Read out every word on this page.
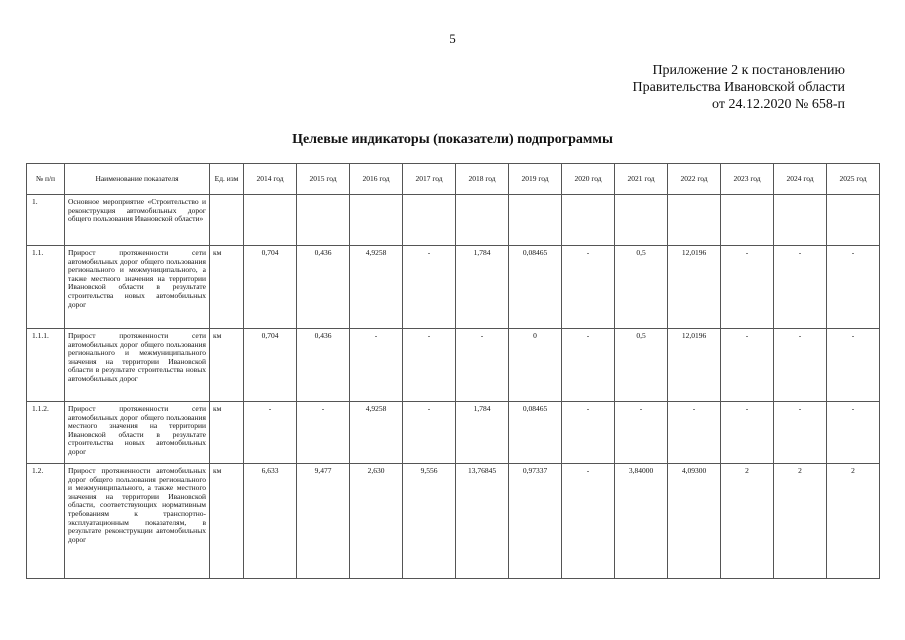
5
Приложение 2 к постановлению
Правительства Ивановской области
от 24.12.2020 № 658-п
Целевые индикаторы (показатели) подпрограммы
№ п/п	Наименование показателя	Ед. изм	2014 год	2015 год	2016 год	2017 год	2018 год	2019 год	2020 год	2021 год	2022 год	2023 год	2024 год	2025 год
1.	Основное мероприятие «Строительство и реконструкция автомобильных дорог общего пользования Ивановской области»													
1.1.	Прирост протяженности сети автомобильных дорог общего пользования регионального и межмуниципального, а также местного значения на территории Ивановской области в результате строительства новых автомобильных дорог	км	0,704	0,436	4,9258	-	1,784	0,08465	-	0,5	12,0196	-	-	-
1.1.1.	Прирост протяженности сети автомобильных дорог общего пользования регионального и межмуниципального значения на территории Ивановской области в результате строительства новых автомобильных дорог	км	0,704	0,436	-	-	-	0	-	0,5	12,0196	-	-	-
1.1.2.	Прирост протяженности сети автомобильных дорог общего пользования местного значения на территории Ивановской области в результате строительства новых автомобильных дорог	км	-	-	4,9258	-	1,784	0,08465	-	-	-	-	-	-
1.2.	Прирост протяженности автомобильных дорог общего пользования регионального и межмуниципального, а также местного значения на территории Ивановской области, соответствующих нормативным требованиям к транспортно-эксплуатационным показателям, в результате реконструкции автомобильных дорог	км	6,633	9,477	2,630	9,556	13,76845	0,97337	-	3,84000	4,09300	2	2	2
